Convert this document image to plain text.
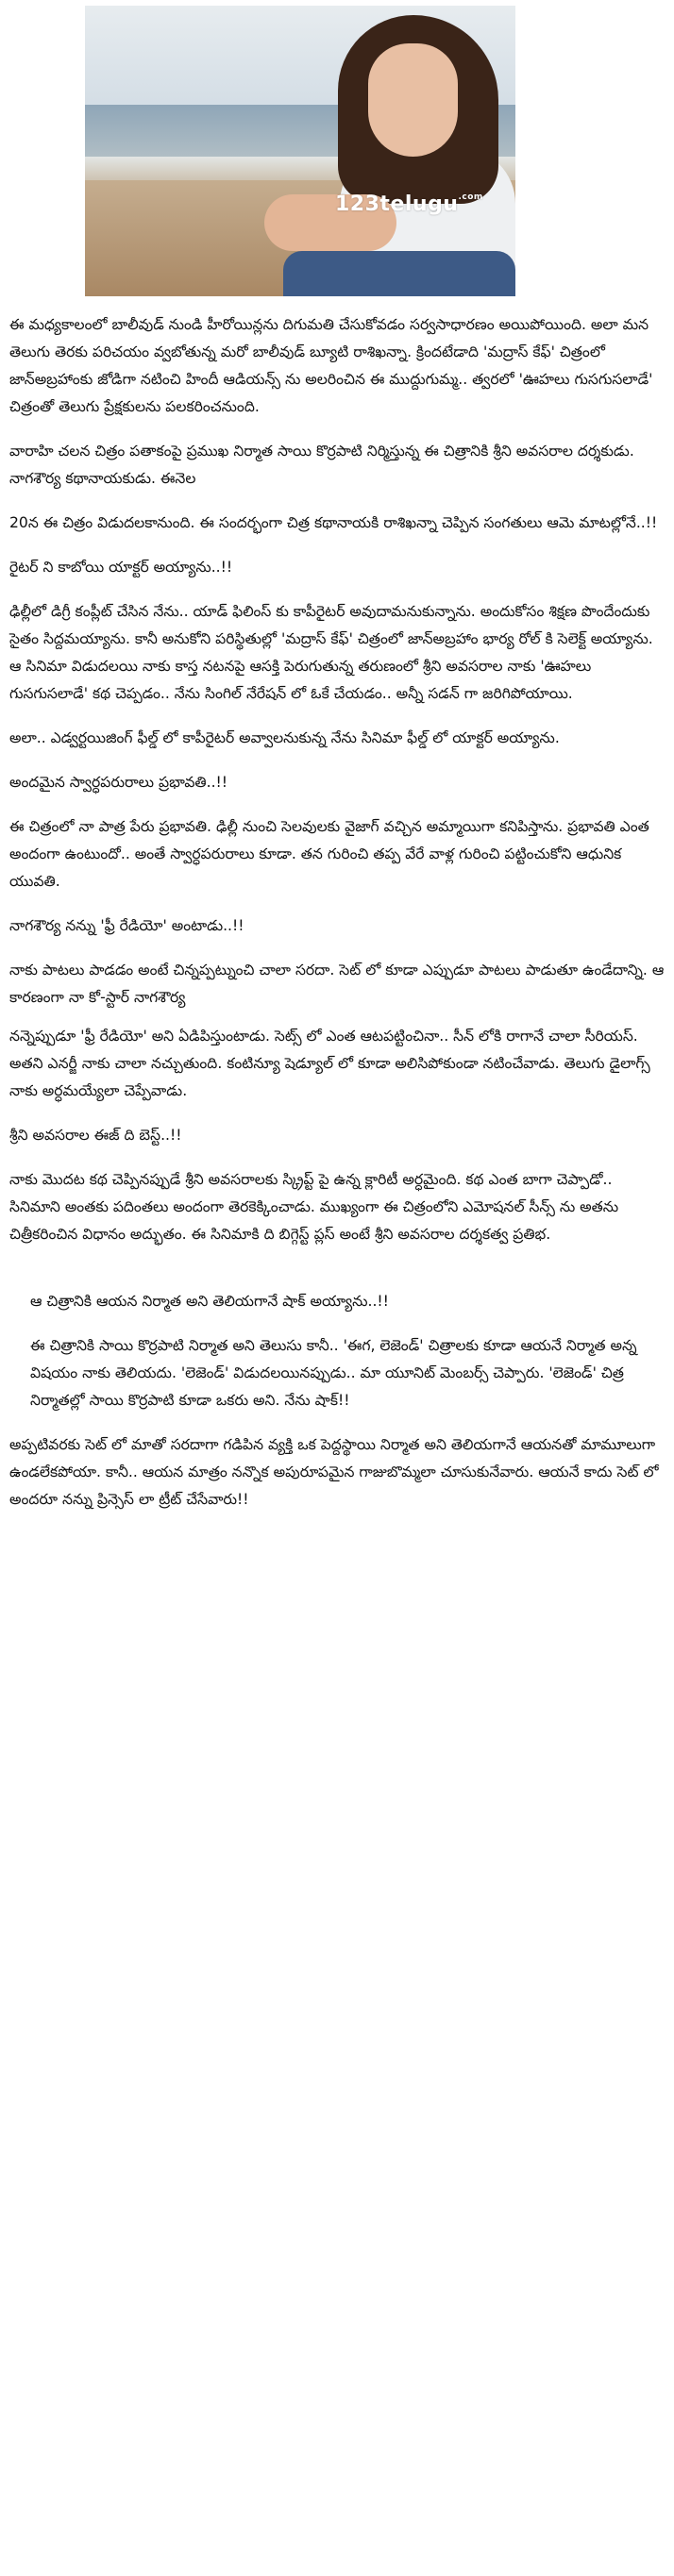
123telugu$^{.com}$

ఈ మధ్యకాలంలో బాలీవుడ్ నుండి హీరోయిన్లను దిగుమతి చేసుకోవడం సర్వసాధారణం అయిపోయింది. అలా మన తెలుగు తెరకు పరిచయం వ్వబోతున్న మరో బాలీవుడ్ బ్యూటి రాశిఖన్నా. క్రిందటేడాది 'మద్రాస్ కేఫ్' చిత్రంలో జాన్అబ్రహాంకు జోడిగా నటించి హిందీ ఆడియన్స్ ను అలరించిన ఈ ముద్దుగుమ్మ.. త్వరలో 'ఊహలు గుసగుసలాడే' చిత్రంతో తెలుగు ప్రేక్షకులను పలకరించనుంది.

వారాహి చలన చిత్రం పతాకంపై ప్రముఖ నిర్మాత సాయి కొర్రపాటి నిర్మిస్తున్న ఈ చిత్రానికి శ్రీని అవసరాల దర్శకుడు. నాగశౌర్య కథానాయకుడు. ఈనెల

20న ఈ చిత్రం విడుదలకానుంది. ఈ సందర్భంగా చిత్ర కథానాయకి రాశిఖన్నా చెప్పిన సంగతులు ఆమె మాటల్లోనే..!!

రైటర్ ని కాబోయి యాక్టర్ అయ్యాను..!!

ఢిల్లీలో డిగ్రీ కంప్లీట్ చేసిన నేను.. యాడ్ ఫిలింస్ కు కాపీరైటర్ అవుదామనుకున్నాను. అందుకోసం శిక్షణ పొందేందుకు సైతం సిద్దమయ్యాను. కానీ అనుకోని పరిస్థితుల్లో 'మద్రాస్ కేఫ్' చిత్రంలో జాన్అబ్రహాం భార్య రోల్ కి సెలెక్ట్ అయ్యాను. ఆ సినిమా విడుదలయి నాకు కాస్త నటనపై ఆసక్తి పెరుగుతున్న తరుణంలో శ్రీని అవసరాల నాకు 'ఊహలు గుసగుసలాడే' కథ చెప్పడం.. నేను సింగిల్ నేరేషన్ లో ఓకే చేయడం.. అన్నీ సడన్ గా జరిగిపోయాయి.

అలా.. ఎడ్వర్టయిజింగ్ ఫీల్డ్ లో కాపీరైటర్ అవ్వాలనుకున్న నేను సినిమా ఫీల్డ్ లో యాక్టర్ అయ్యాను.

అందమైన స్వార్ధపరురాలు ప్రభావతి..!!

ఈ చిత్రంలో నా పాత్ర పేరు ప్రభావతి. ఢిల్లీ నుంచి సెలవులకు వైజాగ్ వచ్చిన అమ్మాయిగా కనిపిస్తాను. ప్రభావతి ఎంత అందంగా ఉంటుందో.. అంతే స్వార్ధపరురాలు కూడా. తన గురించి తప్ప వేరే వాళ్ల గురించి పట్టించుకోని ఆధునిక యువతి.

నాగశౌర్య నన్ను 'ఫ్రీ రేడియో' అంటాడు..!!

నాకు పాటలు పాడడం అంటే చిన్నప్పట్నుంచి చాలా సరదా. సెట్ లో కూడా ఎప్పుడూ పాటలు పాడుతూ ఉండేదాన్ని. ఆ కారణంగా నా కో-స్టార్ నాగశౌర్య

నన్నెప్పుడూ 'ఫ్రీ రేడియో' అని ఏడిపిస్తుంటాడు. సెట్స్ లో ఎంత ఆటపట్టించినా.. సీన్ లోకి రాగానే చాలా సీరియస్. అతని ఎనర్జీ నాకు చాలా నచ్చుతుంది. కంటిన్యూ షెడ్యూల్ లో కూడా అలిసిపోకుండా నటించేవాడు. తెలుగు డైలాగ్స్ నాకు అర్ధమయ్యేలా చెప్పేవాడు.

శ్రీని అవసరాల ఈజ్ ది బెస్ట్..!!

నాకు మొదట కథ చెప్పినప్పుడే శ్రీని అవసరాలకు స్క్రిప్ట్ పై ఉన్న క్లారిటీ అర్ధమైంది. కథ ఎంత బాగా చెప్పాడో.. సినిమాని అంతకు పదింతలు అందంగా తెరకెక్కించాడు. ముఖ్యంగా ఈ చిత్రంలోని ఎమోషనల్ సీన్స్ ను అతను చిత్రీకరించిన విధానం అద్భుతం. ఈ సినిమాకి ది బిగ్గెస్ట్ ప్లస్ అంటే శ్రీని అవసరాల దర్శకత్వ ప్రతిభ.

ఆ చిత్రానికి ఆయన నిర్మాత అని తెలియగానే షాక్ అయ్యాను..!!

ఈ చిత్రానికి సాయి కొర్రపాటి నిర్మాత అని తెలుసు కానీ.. 'ఈగ, లెజెండ్' చిత్రాలకు కూడా ఆయనే నిర్మాత అన్న విషయం నాకు తెలియదు. 'లెజెండ్' విడుదలయినప్పుడు.. మా యూనిట్ మెంబర్స్ చెప్పారు. 'లెజెండ్' చిత్ర నిర్మాతల్లో సాయి కొర్రపాటి కూడా ఒకరు అని. నేను షాక్!!

అప్పటివరకు సెట్ లో మాతో సరదాగా గడిపిన వ్యక్తి ఒక పెద్దస్థాయి నిర్మాత అని తెలియగానే ఆయనతో మామూలుగా ఉండలేకపోయా. కానీ.. ఆయన మాత్రం నన్నొక అపురూపమైన గాజుబొమ్మలా చూసుకునేవారు. ఆయనే కాదు సెట్ లో అందరూ నన్ను ప్రిన్సెస్ లా ట్రీట్ చేసేవారు!!
